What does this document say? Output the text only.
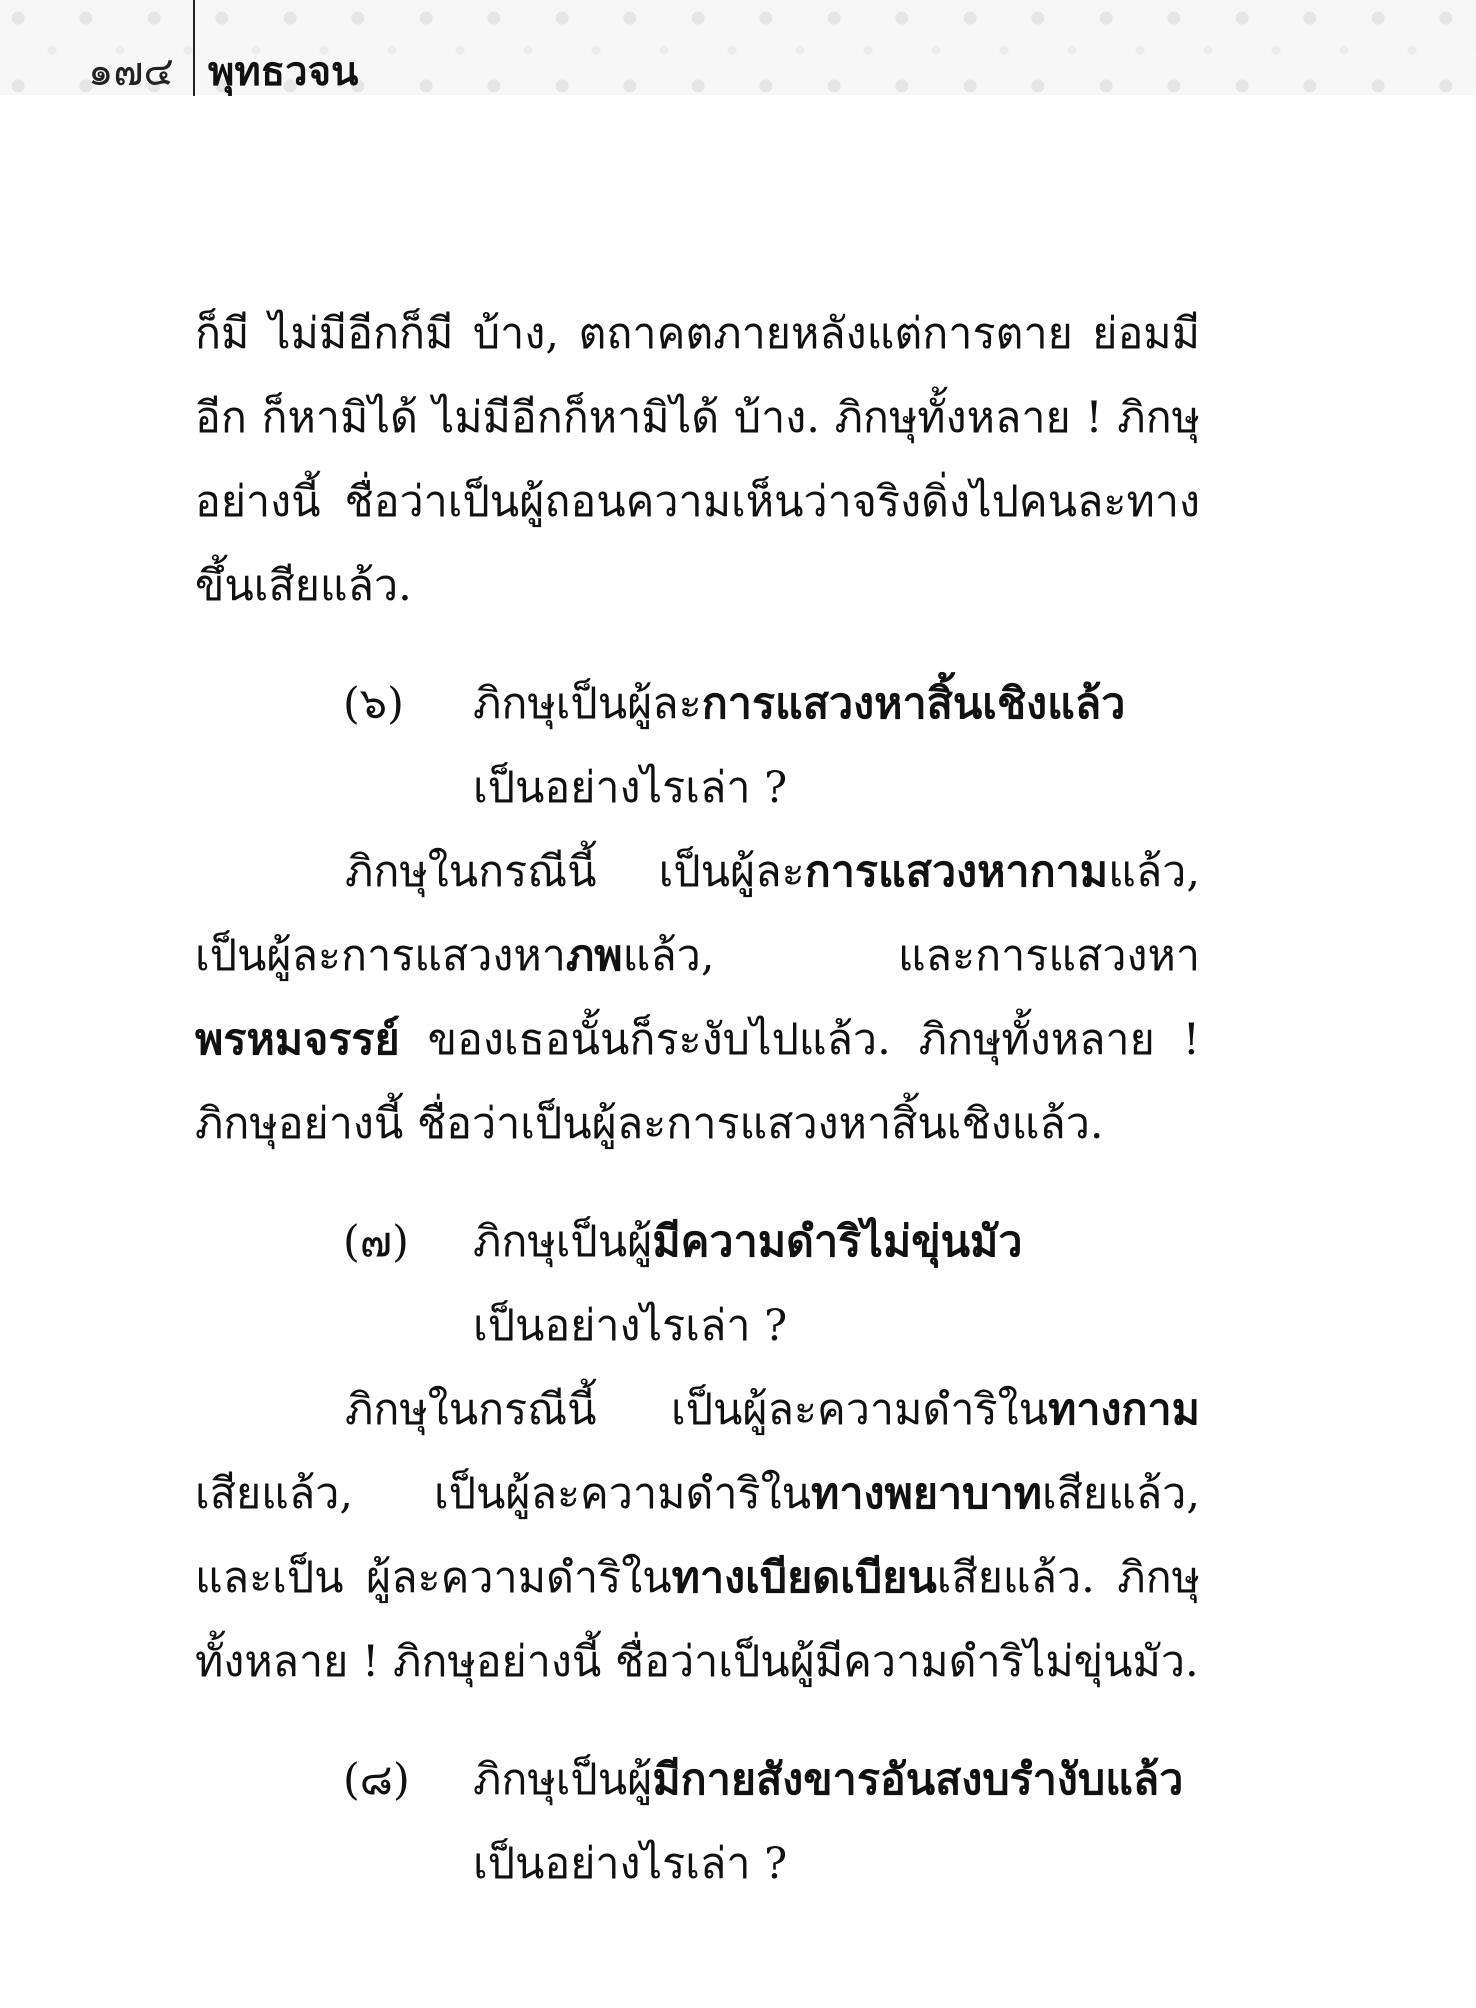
๑๗๔ พุทธวจน

ก็มี ไม่มีอีกก็มี บ้าง, ตถาคตภายหลังแต่การตาย ย่อมมีอีก ก็หามิได้ ไม่มีอีกก็หามิได้ บ้าง. ภิกษุทั้งหลาย ! ภิกษุ อย่างนี้ ชื่อว่าเป็นผู้ถอนความเห็นว่าจริงดิ่งไปคนละทาง ขึ้นเสียแล้ว.

(๖)	ภิกษุเป็นผู้ละการแสวงหาสิ้นเชิงแล้ว
เป็นอย่างไรเล่า ?

ภิกษุในกรณีนี้ เป็นผู้ละการแสวงหากามแล้ว, เป็นผู้ละการแสวงหาภพแล้ว, และการแสวงหาพรหมจรรย์ ของเธอนั้นก็ระงับไปแล้ว. ภิกษุทั้งหลาย ! ภิกษุอย่างนี้ ชื่อว่าเป็นผู้ละการแสวงหาสิ้นเชิงแล้ว.

(๗)	ภิกษุเป็นผู้มีความดำริไม่ขุ่นมัว
เป็นอย่างไรเล่า ?

ภิกษุในกรณีนี้ เป็นผู้ละความดำริในทางกามเสียแล้ว, เป็นผู้ละความดำริในทางพยาบาทเสียแล้ว, และเป็น ผู้ละความดำริในทางเบียดเบียนเสียแล้ว. ภิกษุทั้งหลาย ! ภิกษุอย่างนี้ ชื่อว่าเป็นผู้มีความดำริไม่ขุ่นมัว.

(๘)	ภิกษุเป็นผู้มีกายสังขารอันสงบรำงับแล้ว
เป็นอย่างไรเล่า ?
